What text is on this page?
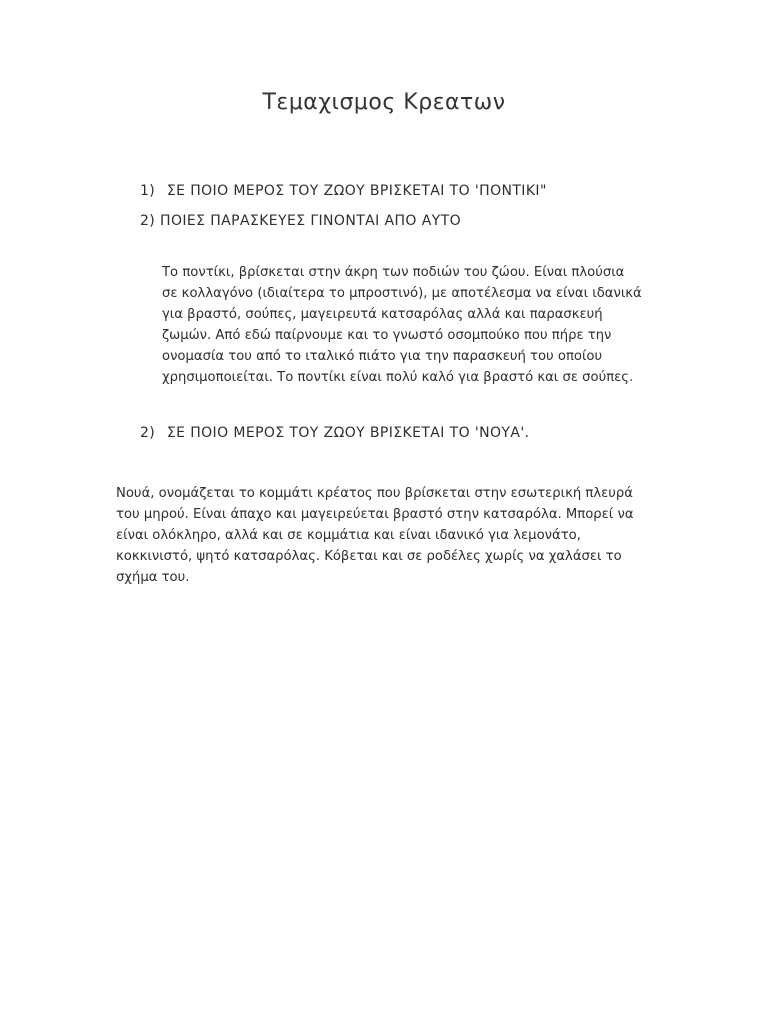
Τεμαχισμος Κρεατων
1) ΣΕ ΠΟΙΟ ΜΕΡΟΣ ΤΟΥ ΖΩΟΥ ΒΡΙΣΚΕΤΑΙ ΤΟ 'ΠΟΝΤΙΚΙ"
2) ΠΟΙΕΣ ΠΑΡΑΣΚΕΥΕΣ ΓΙΝΟΝΤΑΙ ΑΠΟ ΑΥΤΟ

Το ποντίκι, βρίσκεται στην άκρη των ποδιών του ζώου. Είναι πλούσια
σε κολλαγόνο (ιδιαίτερα το μπροστινό), με αποτέλεσμα να είναι ιδανικά
για βραστό, σούπες, μαγειρευτά κατσαρόλας αλλά και παρασκευή
ζωμών. Από εδώ παίρνουμε και το γνωστό οσομπούκο που πήρε την
ονομασία του από το ιταλικό πιάτο για την παρασκευή του οποίου
χρησιμοποιείται. Το ποντίκι είναι πολύ καλό για βραστό και σε σούπες.

2) ΣΕ ΠΟΙΟ ΜΕΡΟΣ ΤΟΥ ΖΩΟΥ ΒΡΙΣΚΕΤΑΙ ΤΟ 'ΝΟΥΑ'.

Νουά, ονομάζεται το κομμάτι κρέατος που βρίσκεται στην εσωτερική πλευρά
του μηρού. Είναι άπαχο και μαγειρεύεται βραστό στην κατσαρόλα. Μπορεί να
είναι ολόκληρο, αλλά και σε κομμάτια και είναι ιδανικό για λεμονάτο,
κοκκινιστό, ψητό κατσαρόλας. Κόβεται και σε ροδέλες χωρίς να χαλάσει το
σχήμα του.
